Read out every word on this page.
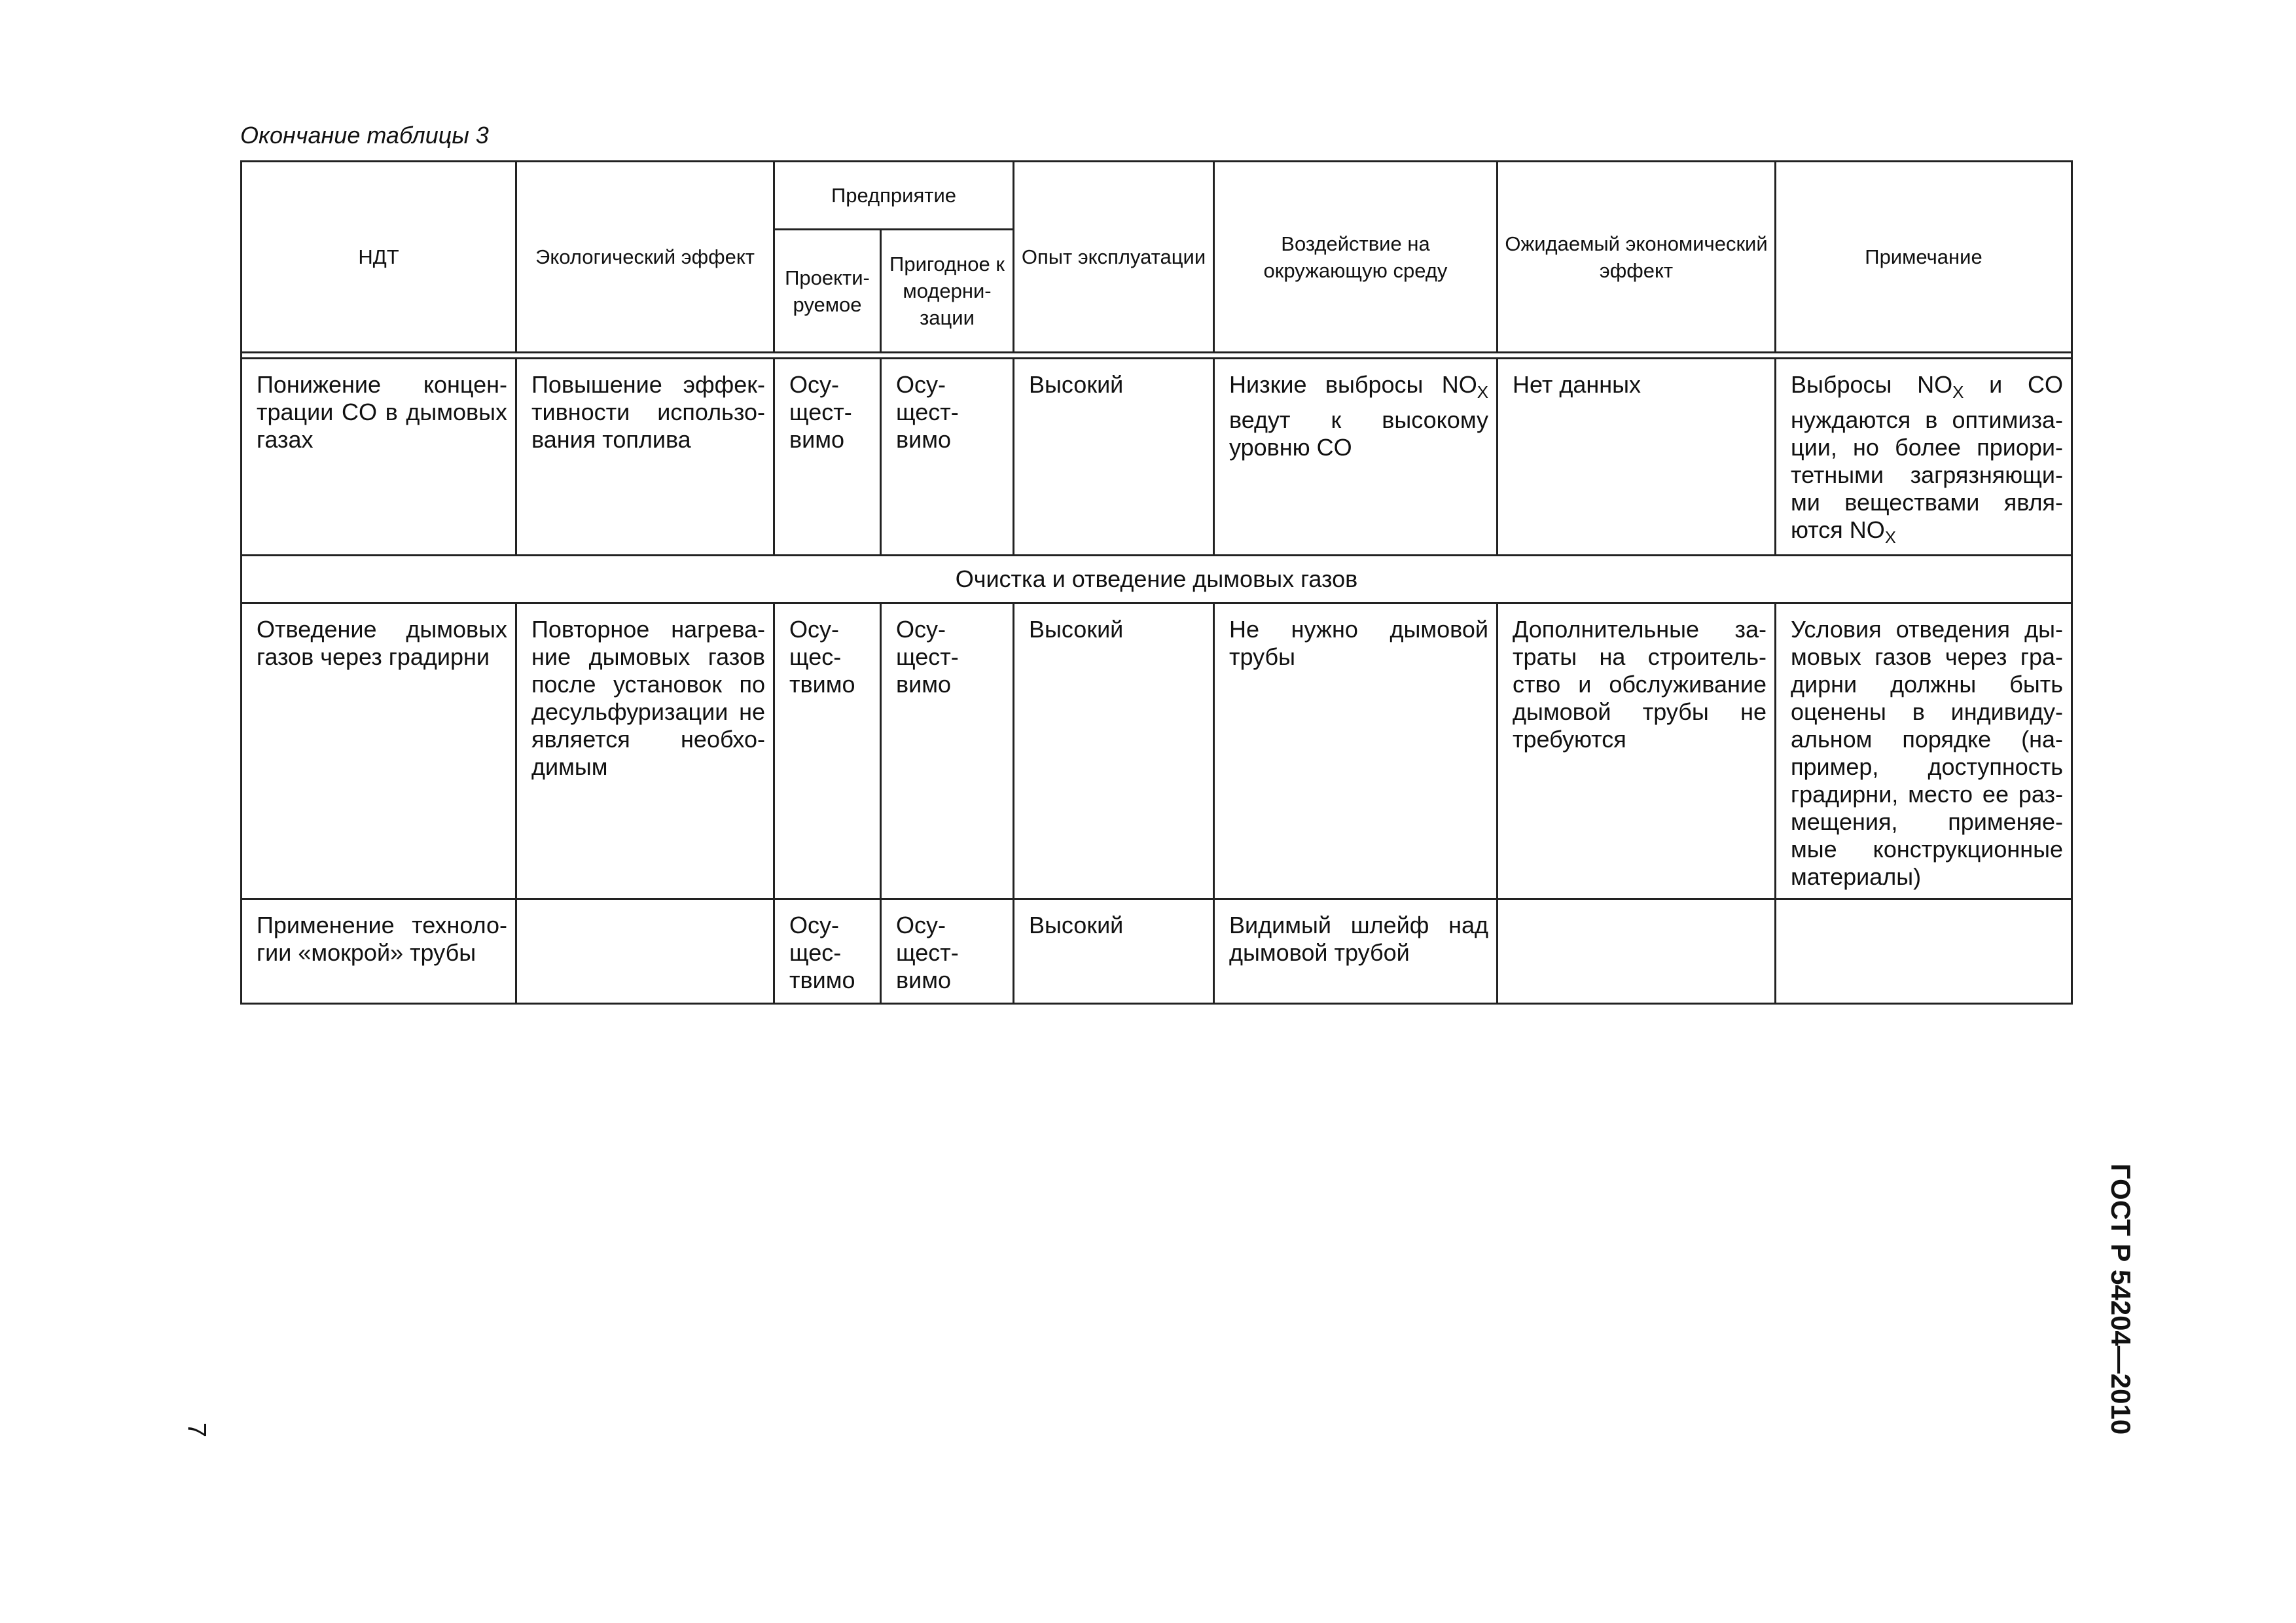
Окончание таблицы 3
НДТ	Экологический эффект	Предприятие		Опыт эксплуатации	Воздействие на окружающую среду	Ожидаемый экономический эффект	Примечание
		Проекти-руемое	Пригодное к модерни-зации				

Понижение концен-трации CO в дымовых газах	Повышение эффек-тивности использо-вания топлива	Осу-щест-вимо	Осу-щест-вимо	Высокий	Низкие выбросы $NO_X$ ведут к высокому уровню CO	Нет данных	Выбросы $NO_X$ и CO нуждаются в оптимиза-ции, но более приори-тетными загрязняющи-ми веществами явля-ются $NO_X$
Очистка и отведение дымовых газов							
Отведение дымовых газов через градирни	Повторное нагрева-ние дымовых газов после установок по десульфуризации не является необхо-димым	Осу-щес-твимо	Осу-щест-вимо	Высокий	Не нужно дымовой трубы	Дополнительные за-траты на строитель-ство и обслуживание дымовой трубы не требуются	Условия отведения ды-мовых газов через гра-дирни должны быть оценены в индивиду-альном порядке (на-пример, доступность градирни, место ее раз-мещения, применяе-мые конструкционные материалы)
Применение техноло-гии «мокрой» трубы		Осу-щес-твимо	Осу-щест-вимо	Высокий	Видимый шлейф над дымовой трубой		
ГОСТ Р 54204—2010
7
